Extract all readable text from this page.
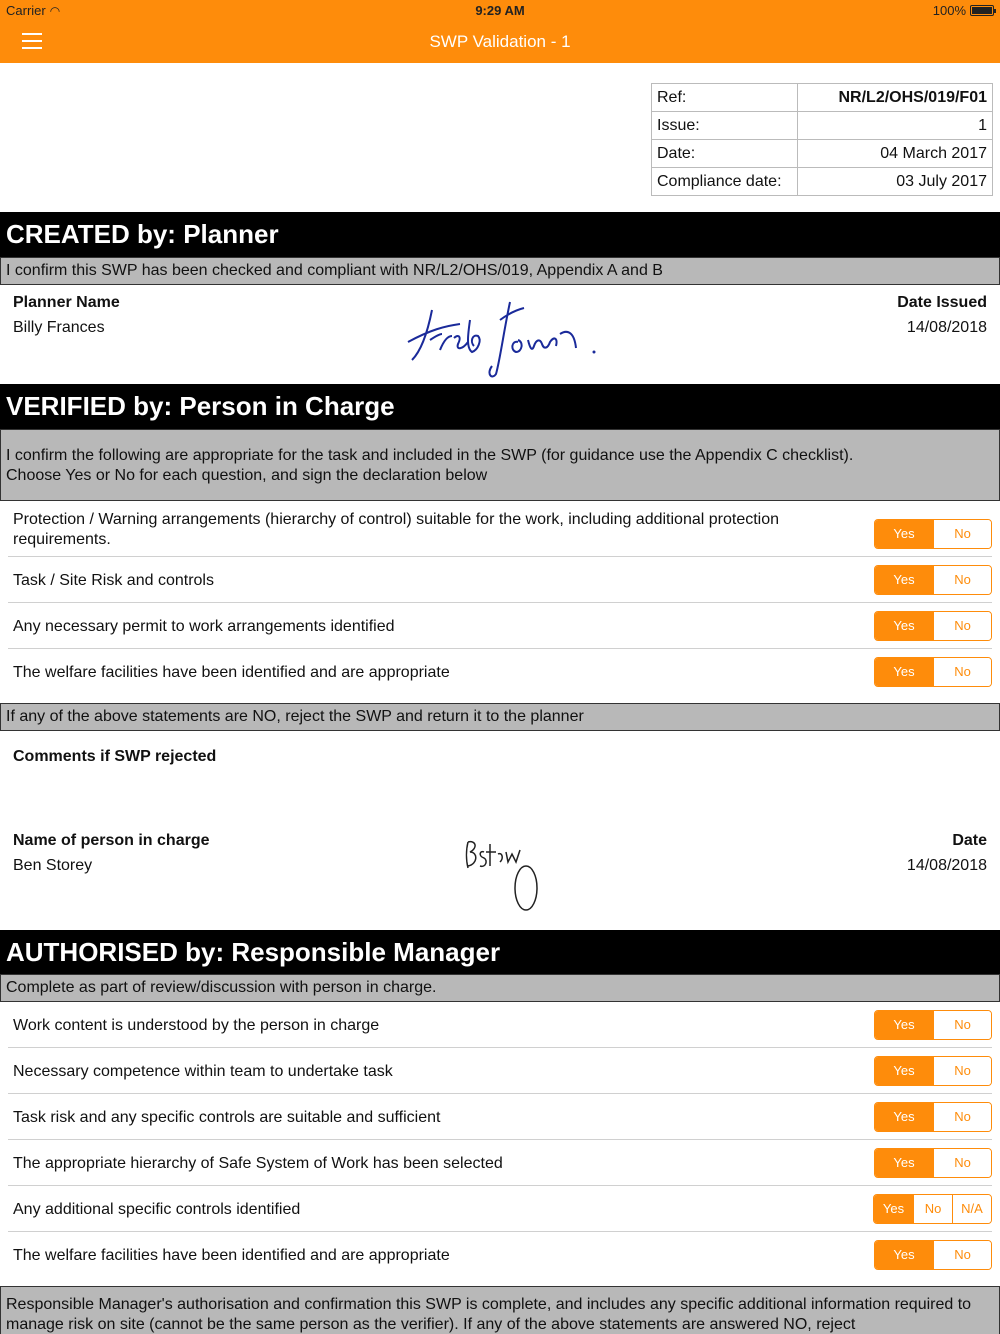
Carrier ◠	9:29 AM	100%
SWP Validation - 1
Ref:	NR/L2/OHS/019/F01
Issue:	1
Date:	04 March 2017
Compliance date:	03 July 2017
CREATED by: Planner
I confirm this SWP has been checked and compliant with NR/L2/OHS/019, Appendix A and B
Planner Name
Billy Frances
Date Issued
14/08/2018
VERIFIED by: Person in Charge
I confirm the following are appropriate for the task and included in the SWP (for guidance use the Appendix C checklist).
Choose Yes or No for each question, and sign the declaration below
Protection / Warning arrangements (hierarchy of control) suitable for the work, including additional protection requirements.	Yes	No
Task / Site Risk and controls	Yes	No
Any necessary permit to work arrangements identified	Yes	No
The welfare facilities have been identified and are appropriate	Yes	No
If any of the above statements are NO, reject the SWP and return it to the planner
Comments if SWP rejected
Name of person in charge
Ben Storey
Date
14/08/2018
AUTHORISED by: Responsible Manager
Complete as part of review/discussion with person in charge.
Work content is understood by the person in charge	Yes	No
Necessary competence within team to undertake task	Yes	No
Task risk and any specific controls are suitable and sufficient	Yes	No
The appropriate hierarchy of Safe System of Work has been selected	Yes	No
Any additional specific controls identified	Yes	No	N/A
The welfare facilities have been identified and are appropriate	Yes	No
Responsible Manager's authorisation and confirmation this SWP is complete, and includes any specific additional information required to manage risk on site (cannot be the same person as the verifier). If any of the above statements are answered NO, reject
